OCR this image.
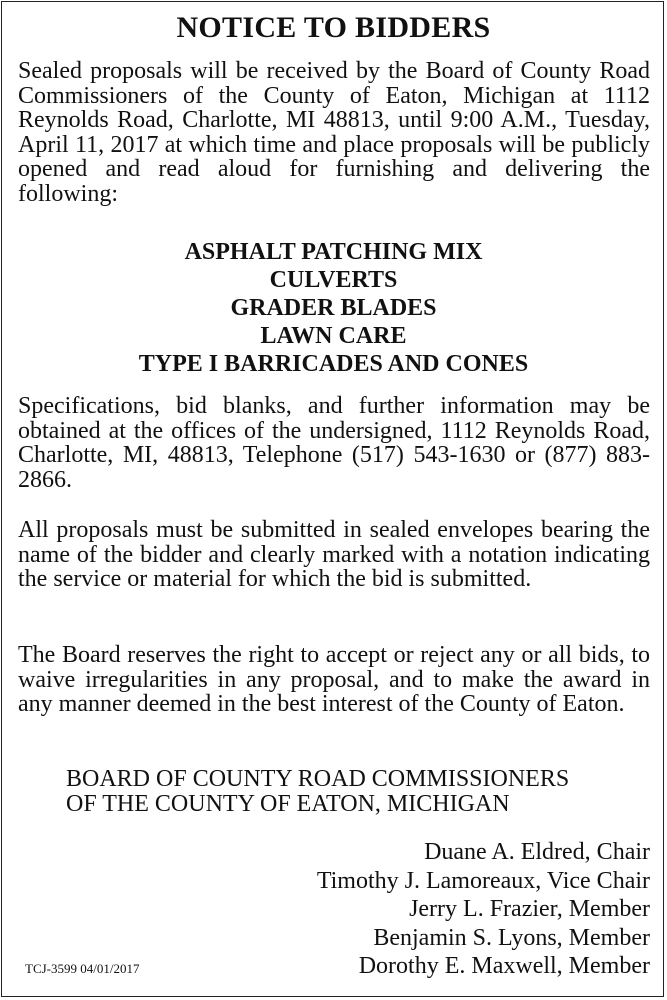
NOTICE TO BIDDERS
Sealed proposals will be received by the Board of County Road Commissioners of the County of Eaton, Michigan at 1112 Reynolds Road, Charlotte, MI 48813, until 9:00 A.M., Tuesday, April 11, 2017 at which time and place proposals will be publicly opened and read aloud for furnishing and delivering the following:
ASPHALT PATCHING MIX
CULVERTS
GRADER BLADES
LAWN CARE
TYPE I BARRICADES AND CONES
Specifications, bid blanks, and further information may be obtained at the offices of the undersigned, 1112 Reynolds Road, Charlotte, MI, 48813, Telephone (517) 543-1630 or (877) 883-2866.
All proposals must be submitted in sealed envelopes bearing the name of the bidder and clearly marked with a notation indicating the service or material for which the bid is submitted.
The Board reserves the right to accept or reject any or all bids, to waive irregularities in any proposal, and to make the award in any manner deemed in the best interest of the County of Eaton.
BOARD OF COUNTY ROAD COMMISSIONERS
OF THE COUNTY OF EATON, MICHIGAN
Duane A. Eldred, Chair
Timothy J. Lamoreaux, Vice Chair
Jerry L. Frazier, Member
Benjamin S. Lyons, Member
Dorothy E. Maxwell, Member
TCJ-3599 04/01/2017
